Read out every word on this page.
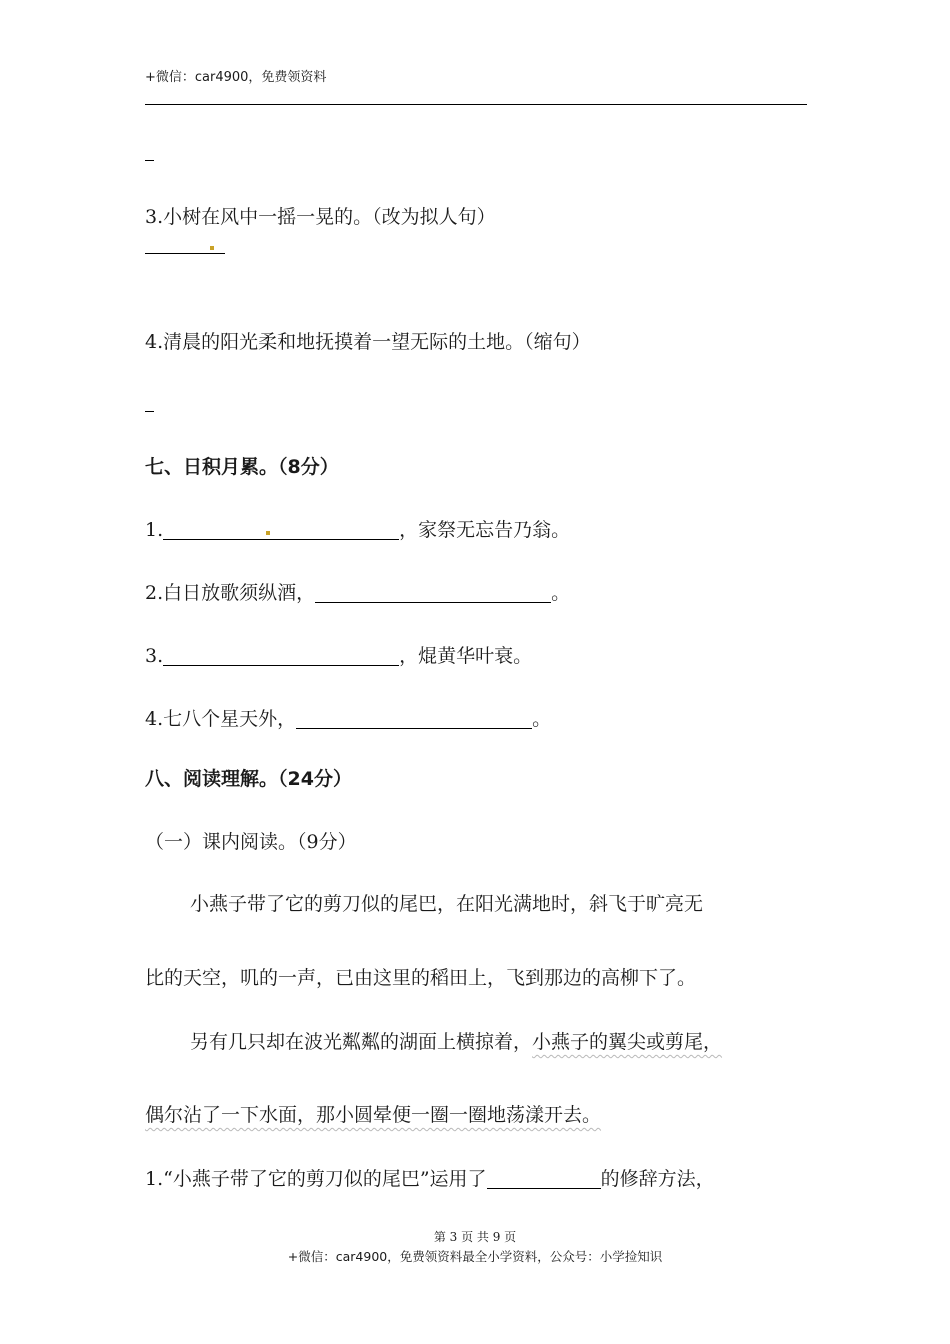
+微信：car4900，免费领资料
3.小树在风中一摇一晃的。（改为拟人句）
4.清晨的阳光柔和地抚摸着一望无际的土地。（缩句）
七、日积月累。（8分）
1.	，家祭无忘告乃翁。
2.白日放歌须纵酒，	。
3.	，焜黄华叶衰。
4.七八个星天外，	。
八、阅读理解。（24分）
（一）课内阅读。（9分）
小燕子带了它的剪刀似的尾巴，在阳光满地时，斜飞于旷亮无
比的天空，叽的一声，已由这里的稻田上，飞到那边的高柳下了。
另有几只却在波光粼粼的湖面上横掠着，小燕子的翼尖或剪尾，
偶尔沾了一下水面，那小圆晕便一圈一圈地荡漾开去。
1.“小燕子带了它的剪刀似的尾巴”运用了	的修辞方法，
第 3 页 共 9 页
+微信：car4900，免费领资料最全小学资料，公众号：小学捡知识
